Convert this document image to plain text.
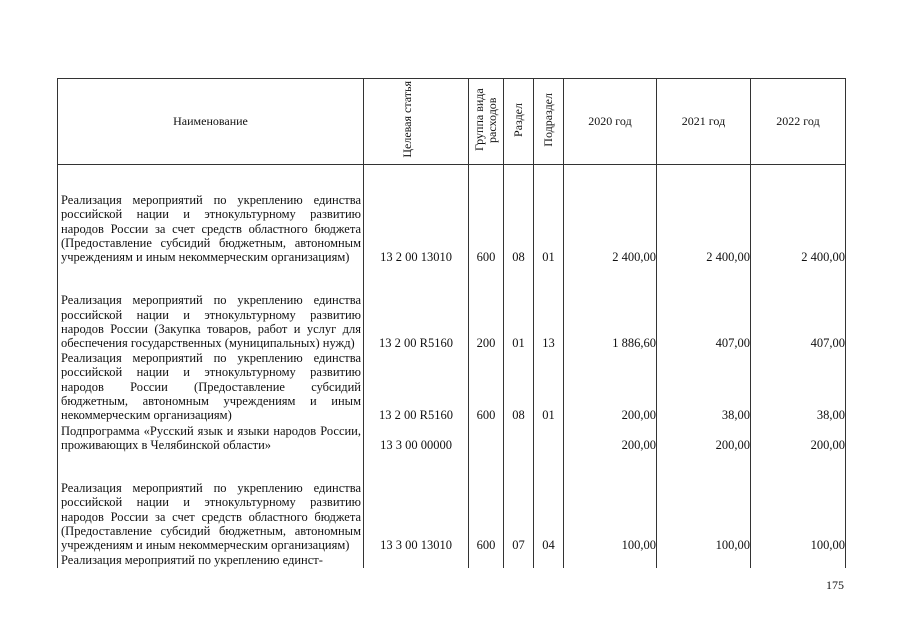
Наименование	Целевая статья	Группа вида расходов	Раздел	Подраздел	2020 год	2021 год	2022 год
Реализация мероприятий по укреплению единства российской нации и этнокультурному развитию народов России за счет средств областного бюджета (Предоставление субсидий бюджетным, автономным учреждениям и иным некоммерческим организациям)	13 2 00 13010	600	08	01	2 400,00	2 400,00	2 400,00
Реализация мероприятий по укреплению единства российской нации и этнокультурному развитию народов России (Закупка товаров, работ и услуг для обеспечения государственных (муниципальных) нужд)	13 2 00 R5160	200	01	13	1 886,60	407,00	407,00
Реализация мероприятий по укреплению единства российской нации и этнокультурному развитию народов России (Предоставление субсидий бюджетным, автономным учреждениям и иным некоммерческим организациям)	13 2 00 R5160	600	08	01	200,00	38,00	38,00
Подпрограмма «Русский язык и языки народов России, проживающих в Челябинской области»	13 3 00 00000				200,00	200,00	200,00
Реализация мероприятий по укреплению единства российской нации и этнокультурному развитию народов России за счет средств областного бюджета (Предоставление субсидий бюджетным, автономным учреждениям и иным некоммерческим организациям)	13 3 00 13010	600	07	04	100,00	100,00	100,00
Реализация мероприятий по укреплению единст-							
175
